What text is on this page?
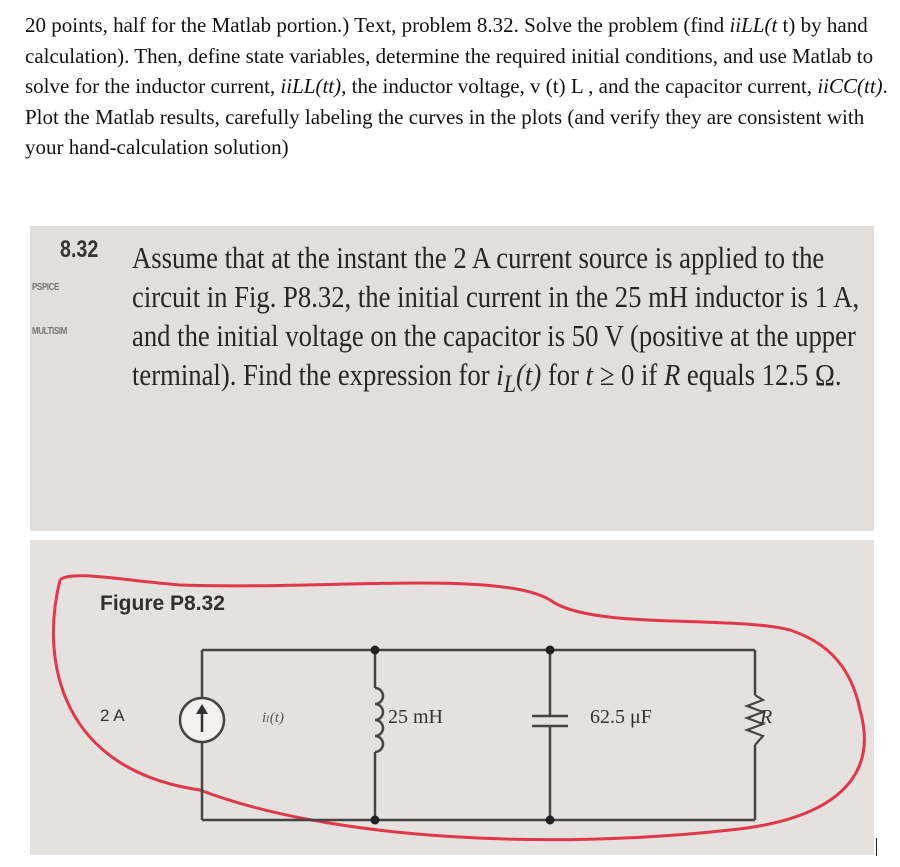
20 points, half for the Matlab portion.) Text, problem 8.32. Solve the problem (find iiLL(t t) by hand calculation). Then, define state variables, determine the required initial conditions, and use Matlab to solve for the inductor current, iiLL(tt), the inductor voltage, v (t) L , and the capacitor current, iiCC(tt). Plot the Matlab results, carefully labeling the curves in the plots (and verify they are consistent with your hand-calculation solution)

8.32
PSPICE
MULTISIM

Assume that at the instant the 2 A current source is applied to the circuit in Fig. P8.32, the initial current in the 25 mH inductor is 1 A, and the initial voltage on the capacitor is 50 V (positive at the upper terminal). Find the expression for $i_L(t)$ for t ≥ 0 if R equals 12.5 Ω.

Figure P8.32
2 A	iₗ(t)	25 mH	62.5 μF	R
